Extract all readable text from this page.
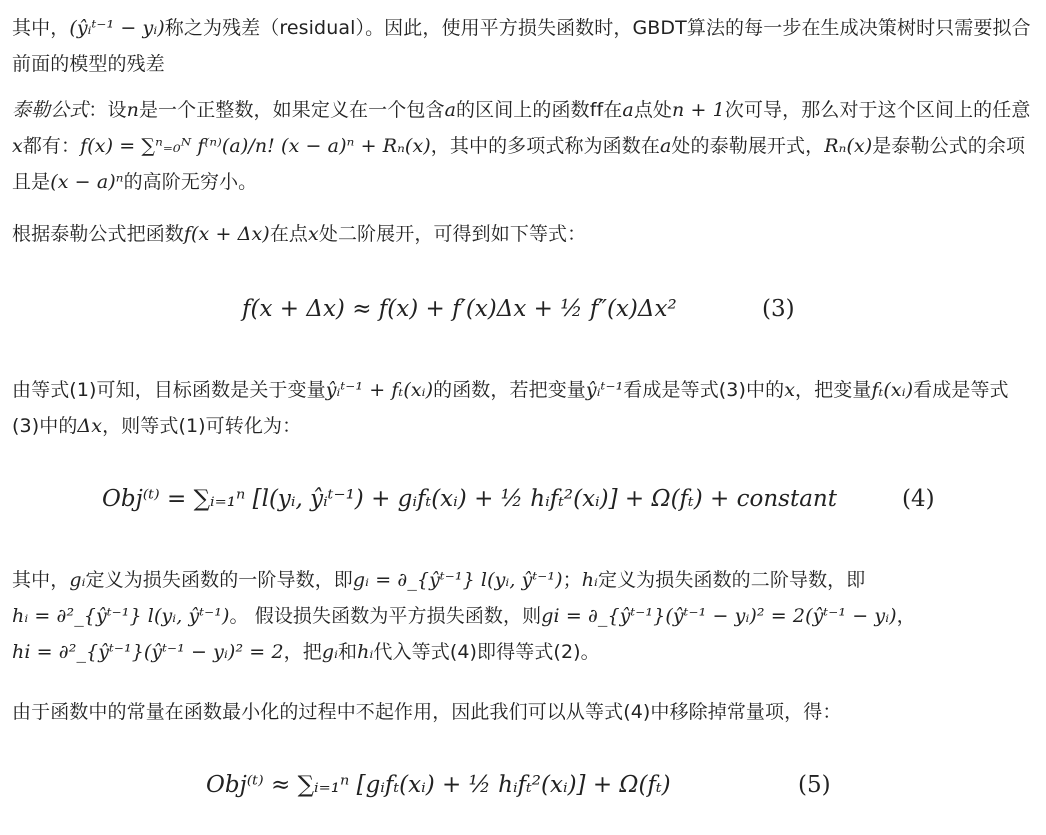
其中，(ŷᵢᵗ⁻¹ − yᵢ)称之为残差（residual）。因此，使用平方损失函数时，GBDT算法的每一步在生成决策树时只需要拟合前面的模型的残差
泰勒公式：设n是一个正整数，如果定义在一个包含a的区间上的函数ff在a点处n + 1次可导，那么对于这个区间上的任意x都有：f(x) = ∑ⁿ₌₀ᴺ f⁽ⁿ⁾(a)/n! (x − a)ⁿ + Rₙ(x)，其中的多项式称为函数在a处的泰勒展开式，Rₙ(x)是泰勒公式的余项且是(x − a)ⁿ的高阶无穷小。
根据泰勒公式把函数f(x + Δx)在点x处二阶展开，可得到如下等式：
f(x + Δx) ≈ f(x) + f′(x)Δx + ½ f″(x)Δx²	(3)
由等式(1)可知，目标函数是关于变量ŷᵢᵗ⁻¹ + fₜ(xᵢ)的函数，若把变量ŷᵢᵗ⁻¹看成是等式(3)中的x，把变量fₜ(xᵢ)看成是等式(3)中的Δx，则等式(1)可转化为：
Obj⁽ᵗ⁾ = ∑ᵢ₌₁ⁿ [l(yᵢ, ŷᵢᵗ⁻¹) + gᵢfₜ(xᵢ) + ½ hᵢfₜ²(xᵢ)] + Ω(fₜ) + constant	(4)
其中，gᵢ定义为损失函数的一阶导数，即gᵢ = ∂_{ŷᵗ⁻¹} l(yᵢ, ŷᵗ⁻¹)；hᵢ定义为损失函数的二阶导数，即hᵢ = ∂²_{ŷᵗ⁻¹} l(yᵢ, ŷᵗ⁻¹)。 假设损失函数为平方损失函数，则gi = ∂_{ŷᵗ⁻¹}(ŷᵗ⁻¹ − yᵢ)² = 2(ŷᵗ⁻¹ − yᵢ)，hi = ∂²_{ŷᵗ⁻¹}(ŷᵗ⁻¹ − yᵢ)² = 2，把gᵢ和hᵢ代入等式(4)即得等式(2)。
由于函数中的常量在函数最小化的过程中不起作用，因此我们可以从等式(4)中移除掉常量项，得：
Obj⁽ᵗ⁾ ≈ ∑ᵢ₌₁ⁿ [gᵢfₜ(xᵢ) + ½ hᵢfₜ²(xᵢ)] + Ω(fₜ)	(5)
